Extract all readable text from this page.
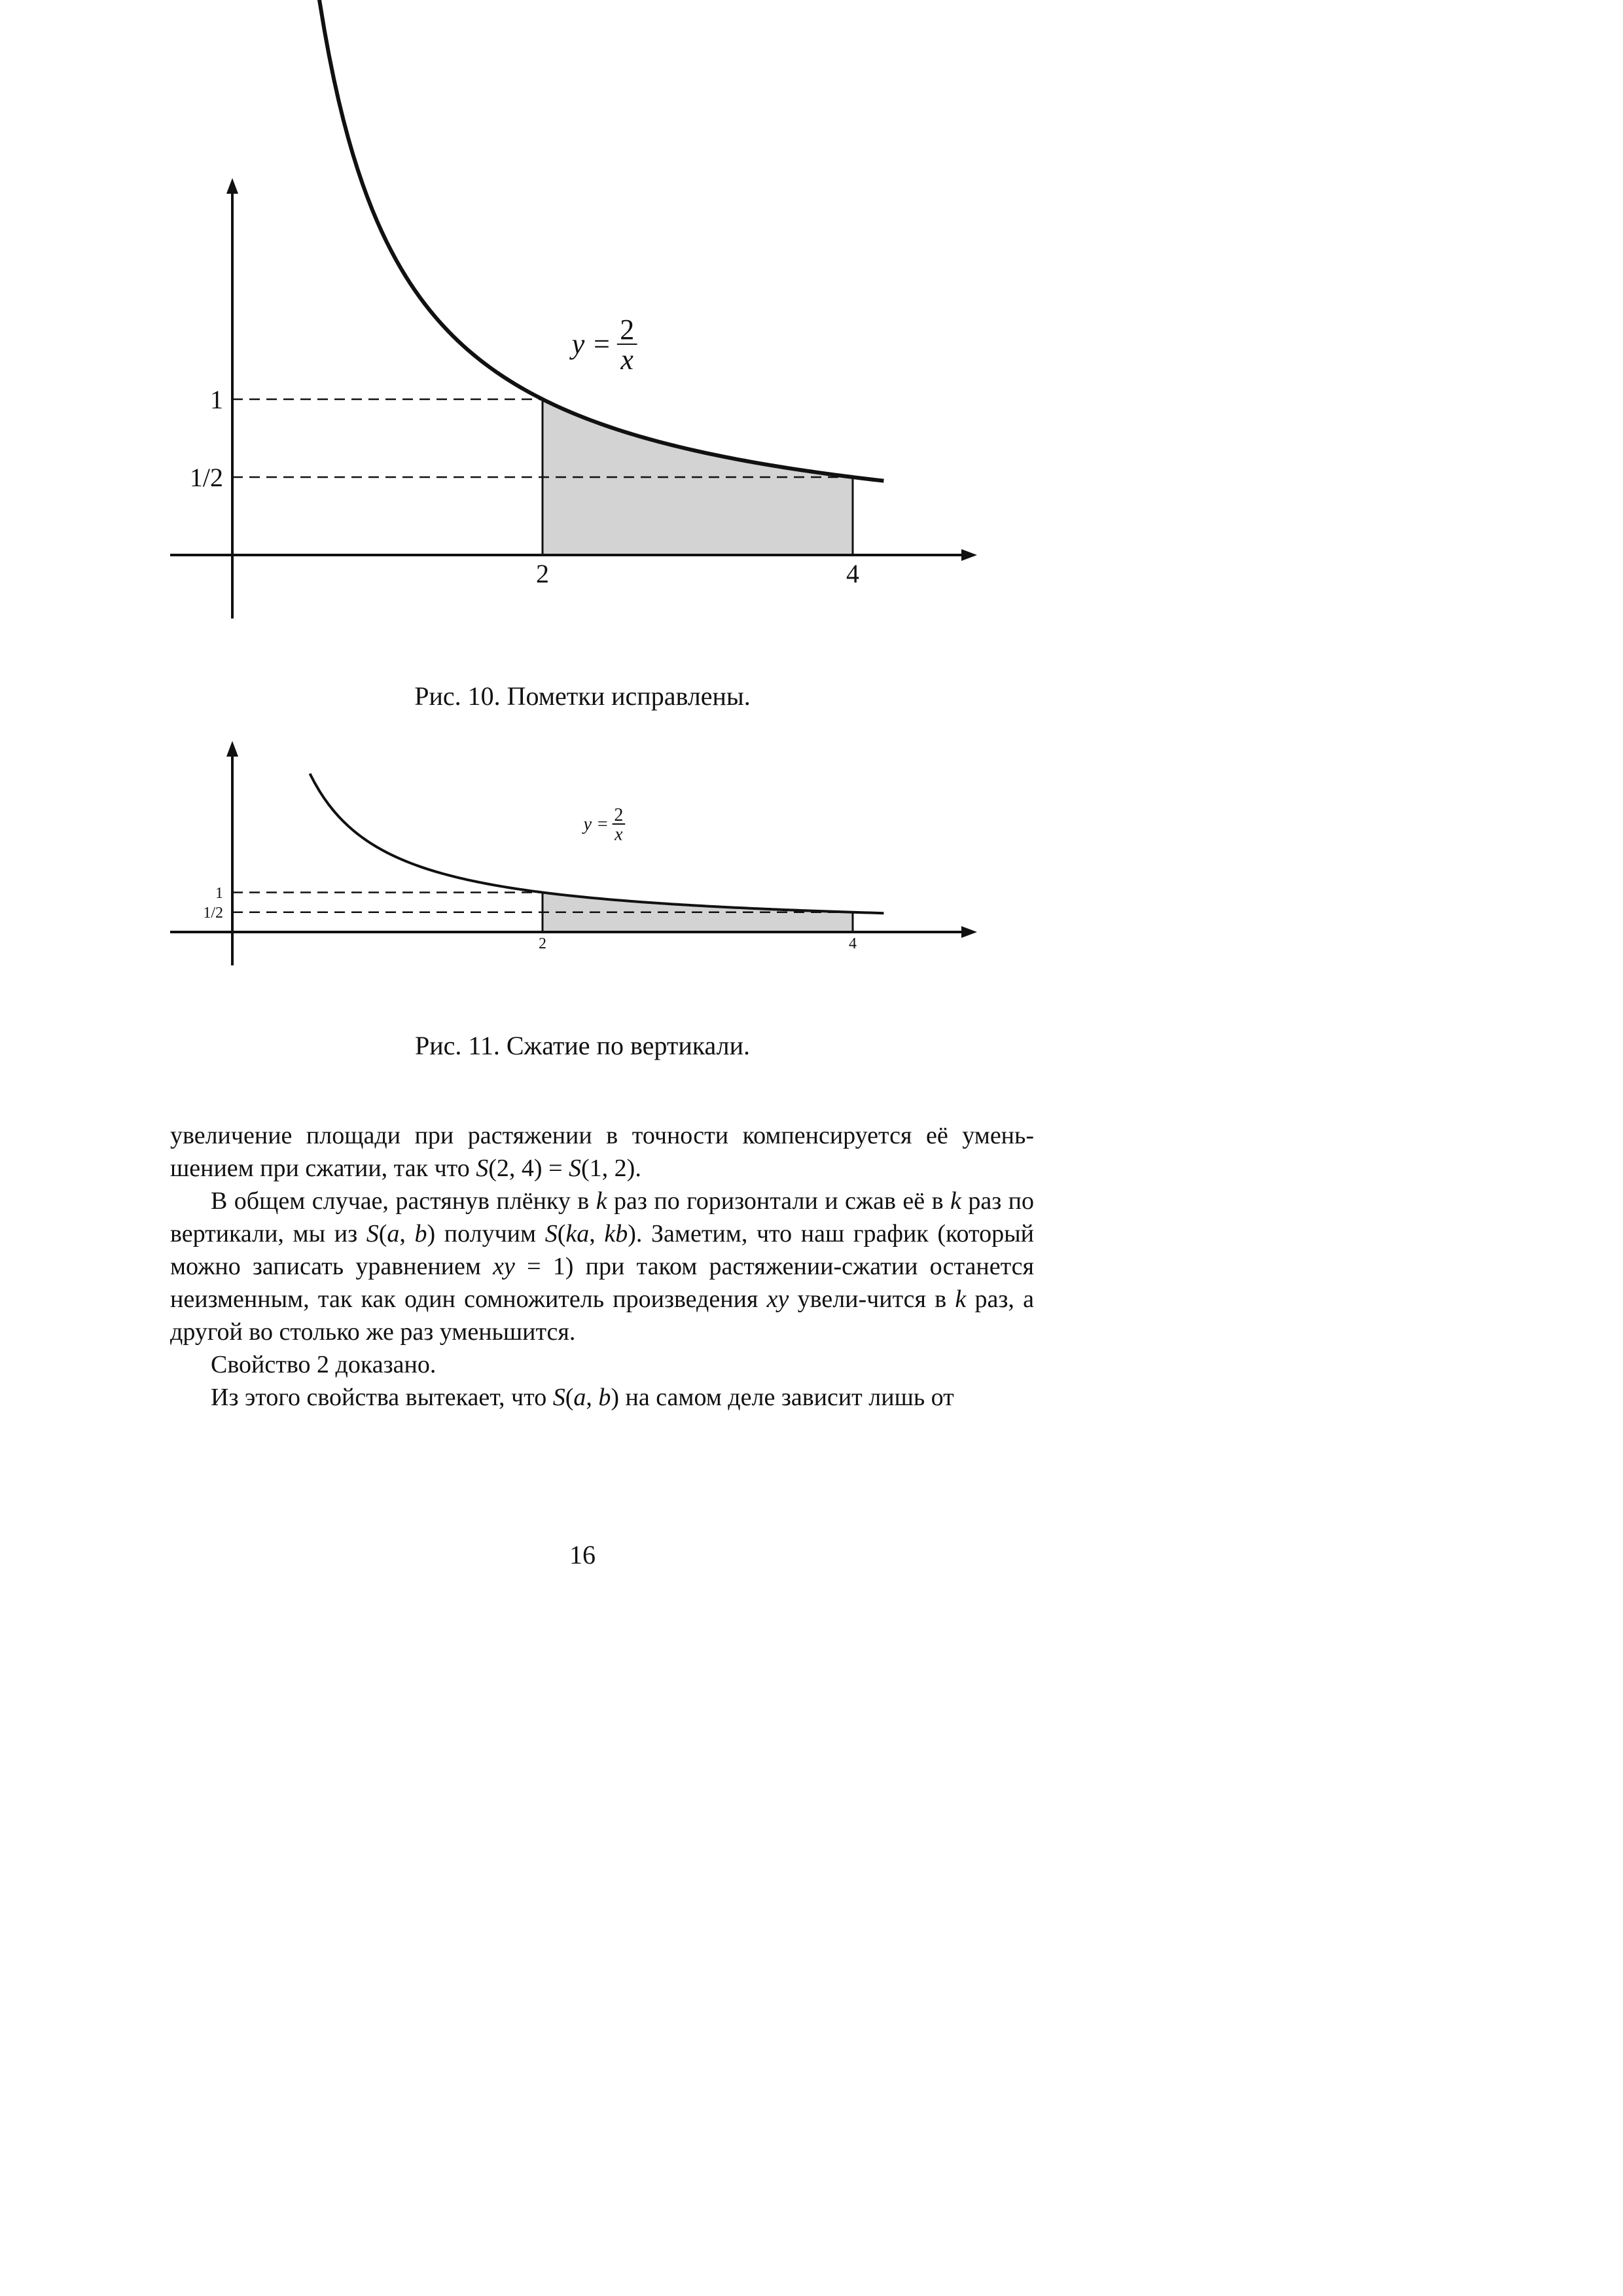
1
1/2
2	4
y = 2
x
Рис. 10. Пометки исправлены.
1
1/2
2	4
y = 2
x
Рис. 11. Сжатие по вертикали.
увеличение площади при растяжении в точности компенсируется её умень-шением при сжатии, так что S(2, 4) = S(1, 2).
В общем случае, растянув плёнку в k раз по горизонтали и сжав её в k раз по вертикали, мы из S(a, b) получим S(ka, kb). Заметим, что наш график (который можно записать уравнением xy = 1) при таком растяжении-сжатии останется неизменным, так как один сомножитель произведения xy увели-чится в k раз, а другой во столько же раз уменьшится.
Свойство 2 доказано.
Из этого свойства вытекает, что S(a, b) на самом деле зависит лишь от
16
